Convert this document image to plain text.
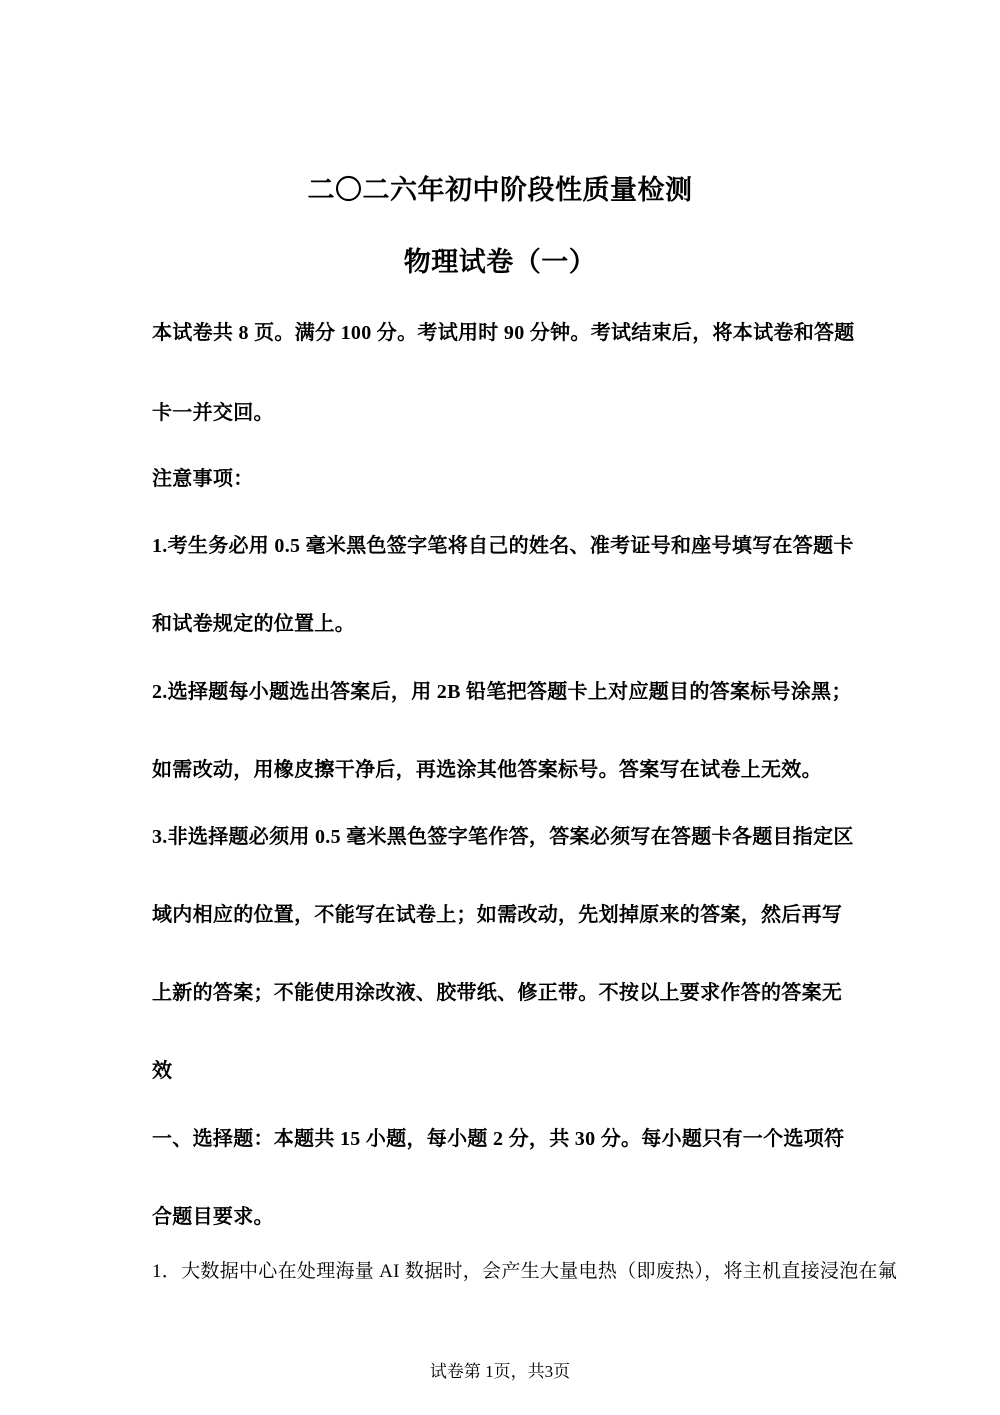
二〇二六年初中阶段性质量检测
物理试卷（一）
本试卷共 8 页。满分 100 分。考试用时 90 分钟。考试结束后，将本试卷和答题
卡一并交回。
注意事项：
1.考生务必用 0.5 毫米黑色签字笔将自己的姓名、准考证号和座号填写在答题卡
和试卷规定的位置上。
2.选择题每小题选出答案后，用 2B 铅笔把答题卡上对应题目的答案标号涂黑；
如需改动，用橡皮擦干净后，再选涂其他答案标号。答案写在试卷上无效。
3.非选择题必须用 0.5 毫米黑色签字笔作答，答案必须写在答题卡各题目指定区
域内相应的位置，不能写在试卷上；如需改动，先划掉原来的答案，然后再写
上新的答案；不能使用涂改液、胶带纸、修正带。不按以上要求作答的答案无
效
一、选择题：本题共 15 小题，每小题 2 分，共 30 分。每小题只有一个选项符
合题目要求。
1．大数据中心在处理海量 AI 数据时，会产生大量电热（即废热），将主机直接浸泡在氟
试卷第 1页，共3页
